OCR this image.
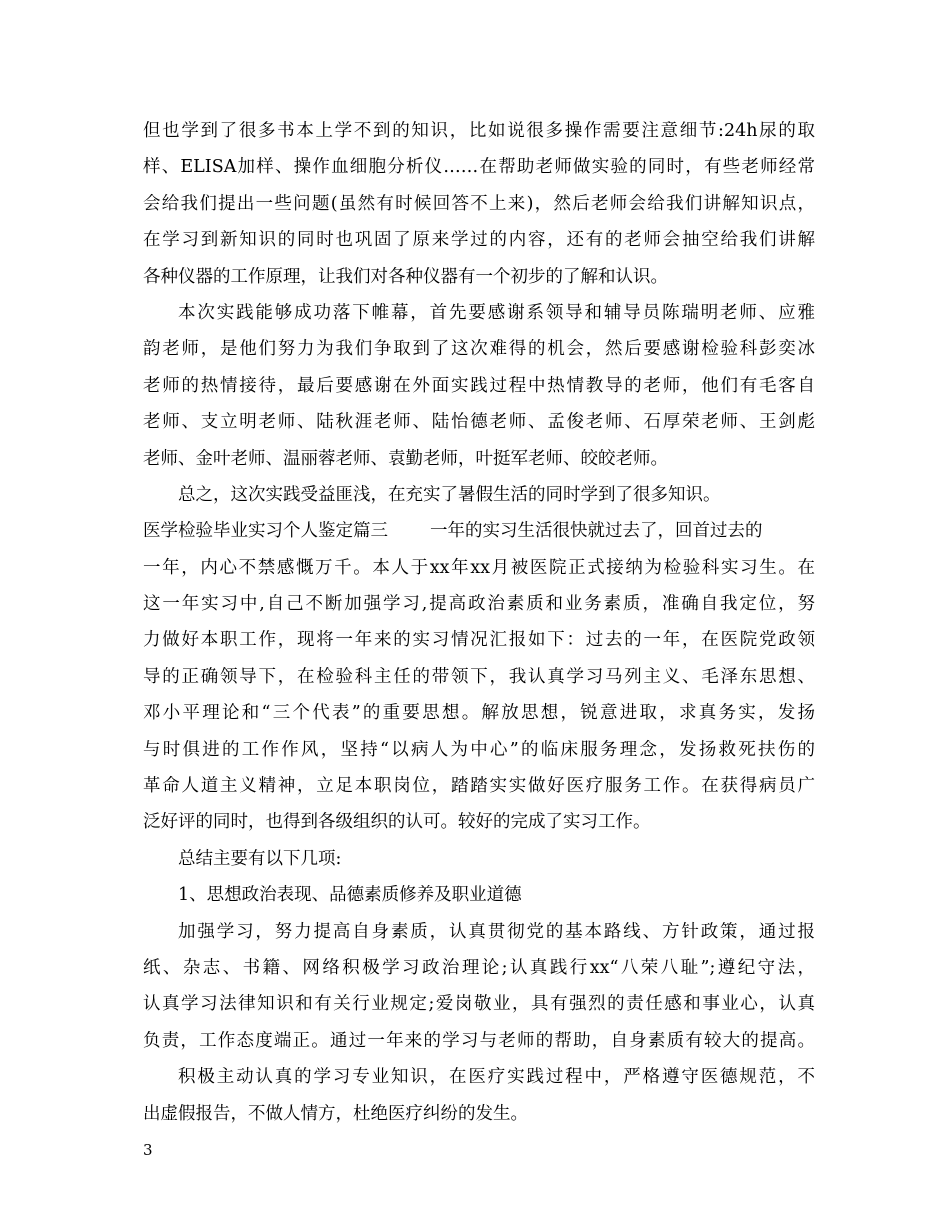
但也学到了很多书本上学不到的知识，比如说很多操作需要注意细节:24h尿的取
样、ELISA加样、操作血细胞分析仪……在帮助老师做实验的同时，有些老师经常
会给我们提出一些问题(虽然有时候回答不上来)，然后老师会给我们讲解知识点，
在学习到新知识的同时也巩固了原来学过的内容，还有的老师会抽空给我们讲解
各种仪器的工作原理，让我们对各种仪器有一个初步的了解和认识。
本次实践能够成功落下帷幕，首先要感谢系领导和辅导员陈瑞明老师、应雅
韵老师，是他们努力为我们争取到了这次难得的机会，然后要感谢检验科彭奕冰
老师的热情接待，最后要感谢在外面实践过程中热情教导的老师，他们有毛客自
老师、支立明老师、陆秋涯老师、陆怡德老师、孟俊老师、石厚荣老师、王剑彪
老师、金叶老师、温丽蓉老师、袁勤老师，叶挺军老师、皎皎老师。
总之，这次实践受益匪浅，在充实了暑假生活的同时学到了很多知识。
医学检验毕业实习个人鉴定篇三 一年的实习生活很快就过去了，回首过去的
一年，内心不禁感慨万千。本人于xx年xx月被医院正式接纳为检验科实习生。在
这一年实习中,自己不断加强学习,提高政治素质和业务素质，准确自我定位，努
力做好本职工作，现将一年来的实习情况汇报如下：过去的一年，在医院党政领
导的正确领导下，在检验科主任的带领下，我认真学习马列主义、毛泽东思想、
邓小平理论和“三个代表”的重要思想。解放思想，锐意进取，求真务实，发扬
与时俱进的工作作风，坚持“以病人为中心”的临床服务理念，发扬救死扶伤的
革命人道主义精神，立足本职岗位，踏踏实实做好医疗服务工作。在获得病员广
泛好评的同时，也得到各级组织的认可。较好的完成了实习工作。
总结主要有以下几项:
1、思想政治表现、品德素质修养及职业道德
加强学习，努力提高自身素质，认真贯彻党的基本路线、方针政策，通过报
纸、杂志、书籍、网络积极学习政治理论;认真践行xx“八荣八耻”;遵纪守法，
认真学习法律知识和有关行业规定;爱岗敬业，具有强烈的责任感和事业心，认真
负责，工作态度端正。通过一年来的学习与老师的帮助，自身素质有较大的提高。
积极主动认真的学习专业知识，在医疗实践过程中，严格遵守医德规范，不
出虚假报告，不做人情方，杜绝医疗纠纷的发生。
3
